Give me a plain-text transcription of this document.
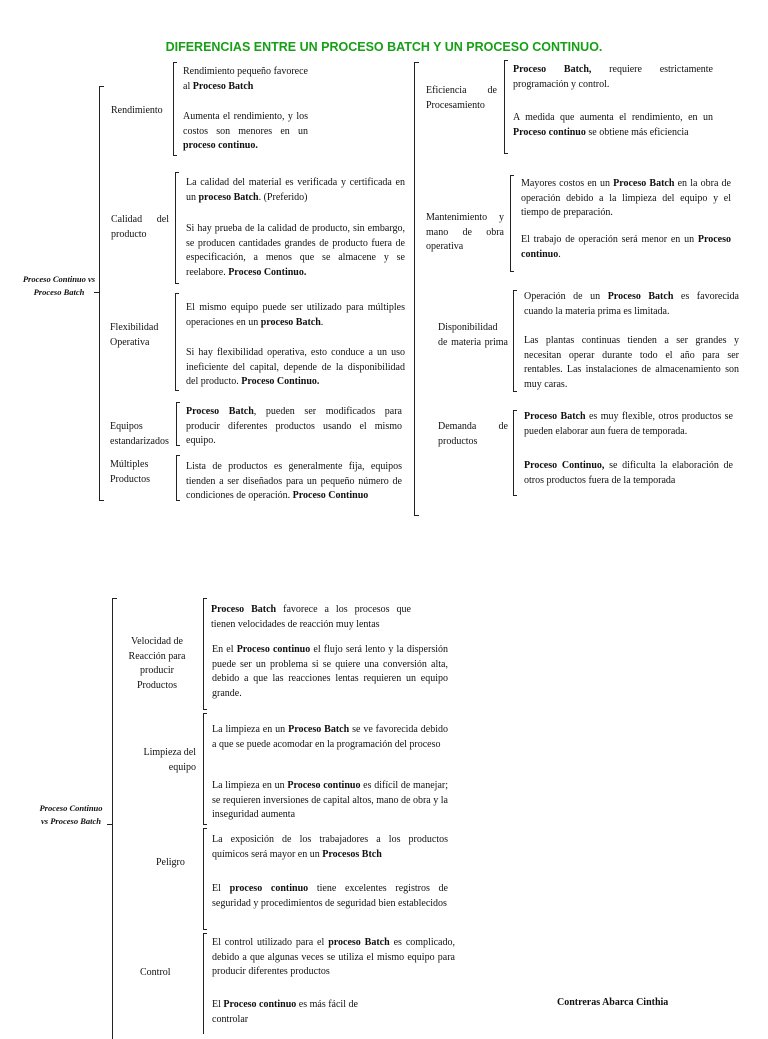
DIFERENCIAS ENTRE UN PROCESO BATCH Y UN PROCESO CONTINUO.
Proceso Continuo vs Proceso Batch
Rendimiento
Rendimiento pequeño favorece al Proceso Batch
Aumenta el rendimiento, y los costos son menores en un proceso continuo.
Calidad del producto
La calidad del material es verificada y certificada en un proceso Batch. (Preferido)
Si hay prueba de la calidad de producto, sin embargo, se producen cantidades grandes de producto fuera de especificación, a menos que se almacene y se reelabore. Proceso Continuo.
Flexibilidad Operativa
El mismo equipo puede ser utilizado para múltiples operaciones en un proceso Batch.
Si hay flexibilidad operativa, esto conduce a un uso ineficiente del capital, depende de la disponibilidad del producto. Proceso Continuo.
Equipos estandarizados
Proceso Batch, pueden ser modificados para producir diferentes productos usando el mismo equipo.
Múltiples Productos
Lista de productos es generalmente fija, equipos tienden a ser diseñados para un pequeño número de condiciones de operación. Proceso Continuo
Eficiencia de Procesamiento
Proceso Batch, requiere estrictamente programación y control.
A medida que aumenta el rendimiento, en un Proceso continuo se obtiene más eficiencia
Mantenimiento y mano de obra operativa
Mayores costos en un Proceso Batch en la obra de operación debido a la limpieza del equipo y el tiempo de preparación.
El trabajo de operación será menor en un Proceso continuo.
Disponibilidad de materia prima
Operación de un Proceso Batch es favorecida cuando la materia prima es limitada.
Las plantas continuas tienden a ser grandes y necesitan operar durante todo el año para ser rentables. Las instalaciones de almacenamiento son muy caras.
Demanda de productos
Proceso Batch es muy flexible, otros productos se pueden elaborar aun fuera de temporada.
Proceso Continuo, se dificulta la elaboración de otros productos fuera de la temporada
Proceso Continuo vs Proceso Batch
Velocidad de Reacción para producir Productos
Proceso Batch favorece a los procesos que tienen velocidades de reacción muy lentas
En el Proceso continuo el flujo será lento y la dispersión puede ser un problema si se quiere una conversión alta, debido a que las reacciones lentas requieren un equipo grande.
Limpieza del equipo
La limpieza en un Proceso Batch se ve favorecida debido a que se puede acomodar en la programación del proceso
La limpieza en un Proceso continuo es difícil de manejar; se requieren inversiones de capital altos, mano de obra y la inseguridad aumenta
Peligro
La exposición de los trabajadores a los productos químicos será mayor en un Procesos Btch
El proceso continuo tiene excelentes registros de seguridad y procedimientos de seguridad bien establecidos
Control
El control utilizado para el proceso Batch es complicado, debido a que algunas veces se utiliza el mismo equipo para producir diferentes productos
El Proceso continuo es más fácil de controlar
Contreras Abarca Cinthia
